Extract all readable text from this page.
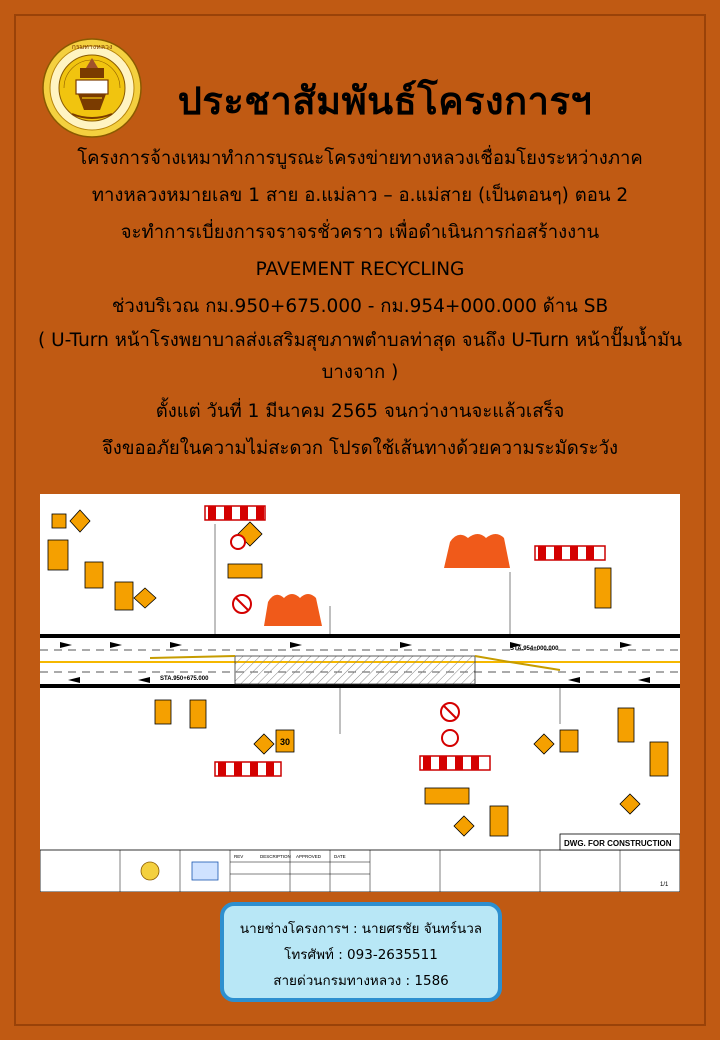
กรมทางหลวง
ประชาสัมพันธ์โครงการฯ
โครงการจ้างเหมาทำการบูรณะโครงข่ายทางหลวงเชื่อมโยงระหว่างภาค
ทางหลวงหมายเลข 1 สาย อ.แม่ลาว – อ.แม่สาย (เป็นตอนๆ) ตอน 2
จะทำการเบี่ยงการจราจรชั่วคราว เพื่อดำเนินการก่อสร้างงาน
PAVEMENT RECYCLING
ช่วงบริเวณ กม.950+675.000 - กม.954+000.000 ด้าน SB
( U-Turn หน้าโรงพยาบาลส่งเสริมสุขภาพตำบลท่าสุด จนถึง U-Turn หน้าปั๊มน้ำมันบางจาก )
ตั้งแต่ วันที่ 1 มีนาคม 2565 จนกว่างานจะแล้วเสร็จ
จึงขออภัยในความไม่สะดวก โปรดใช้เส้นทางด้วยความระมัดระวัง
STA.950+675.000
STA.954+000.000
30
REV	DESCRIPTION APPROVED	DATE
DWG. FOR CONSTRUCTION
1/1
นายช่างโครงการฯ : นายศรชัย จันทร์นวล
โทรศัพท์ : 093-2635511
สายด่วนกรมทางหลวง : 1586
